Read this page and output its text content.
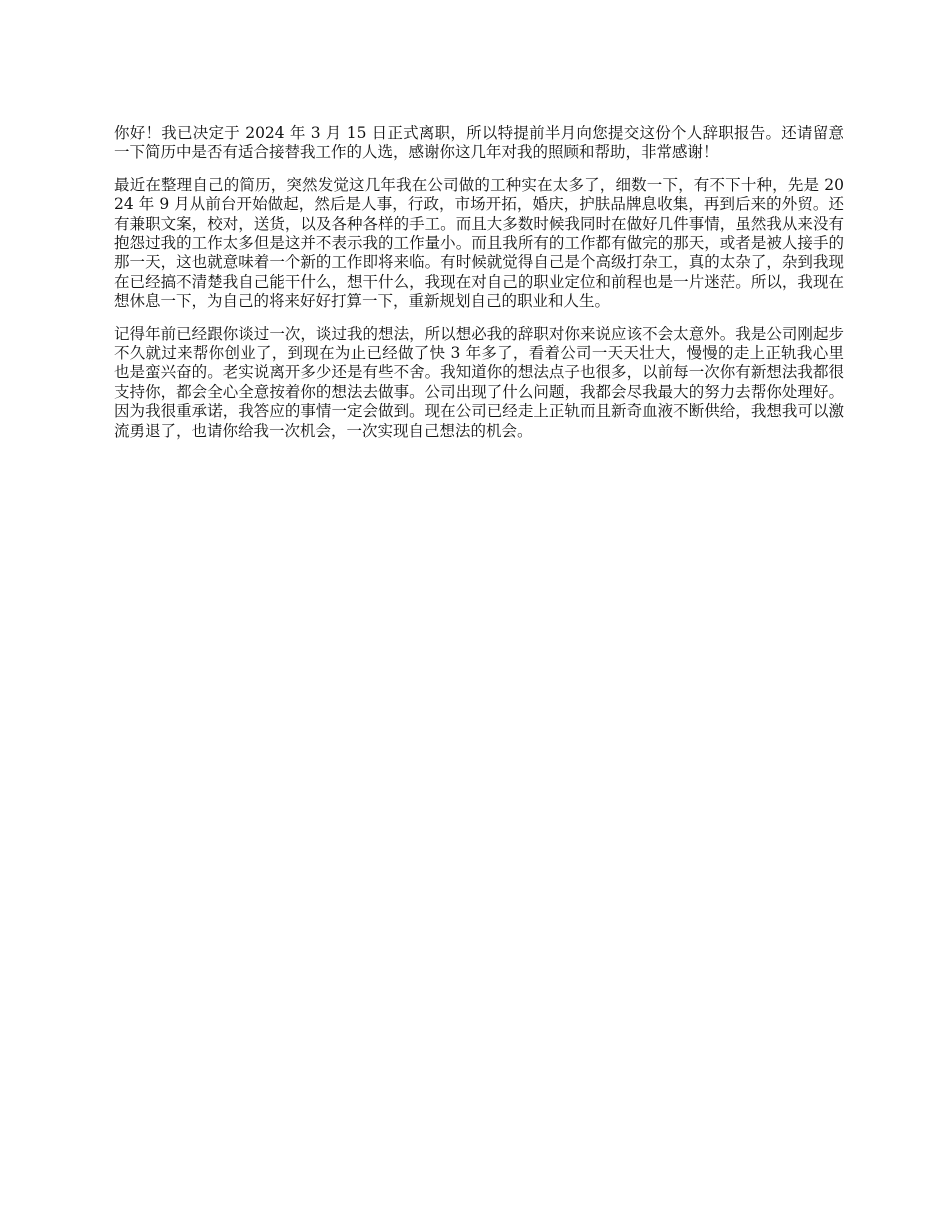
你好！我已决定于 2024 年 3 月 15 日正式离职，所以特提前半月向您提交这份个人辞职报告。还请留意一下简历中是否有适合接替我工作的人选，感谢你这几年对我的照顾和帮助，非常感谢！

最近在整理自己的简历，突然发觉这几年我在公司做的工种实在太多了，细数一下，有不下十种，先是 2024 年 9 月从前台开始做起，然后是人事，行政，市场开拓，婚庆，护肤品牌息收集，再到后来的外贸。还有兼职文案，校对，送货，以及各种各样的手工。而且大多数时候我同时在做好几件事情，虽然我从来没有抱怨过我的工作太多但是这并不表示我的工作量小。而且我所有的工作都有做完的那天，或者是被人接手的那一天，这也就意味着一个新的工作即将来临。有时候就觉得自己是个高级打杂工，真的太杂了，杂到我现在已经搞不清楚我自己能干什么，想干什么，我现在对自己的职业定位和前程也是一片迷茫。所以，我现在想休息一下，为自己的将来好好打算一下，重新规划自己的职业和人生。

记得年前已经跟你谈过一次，谈过我的想法，所以想必我的辞职对你来说应该不会太意外。我是公司刚起步不久就过来帮你创业了，到现在为止已经做了快 3 年多了，看着公司一天天壮大，慢慢的走上正轨我心里也是蛮兴奋的。老实说离开多少还是有些不舍。我知道你的想法点子也很多，以前每一次你有新想法我都很支持你，都会全心全意按着你的想法去做事。公司出现了什么问题，我都会尽我最大的努力去帮你处理好。因为我很重承诺，我答应的事情一定会做到。现在公司已经走上正轨而且新奇血液不断供给，我想我可以激流勇退了，也请你给我一次机会，一次实现自己想法的机会。
